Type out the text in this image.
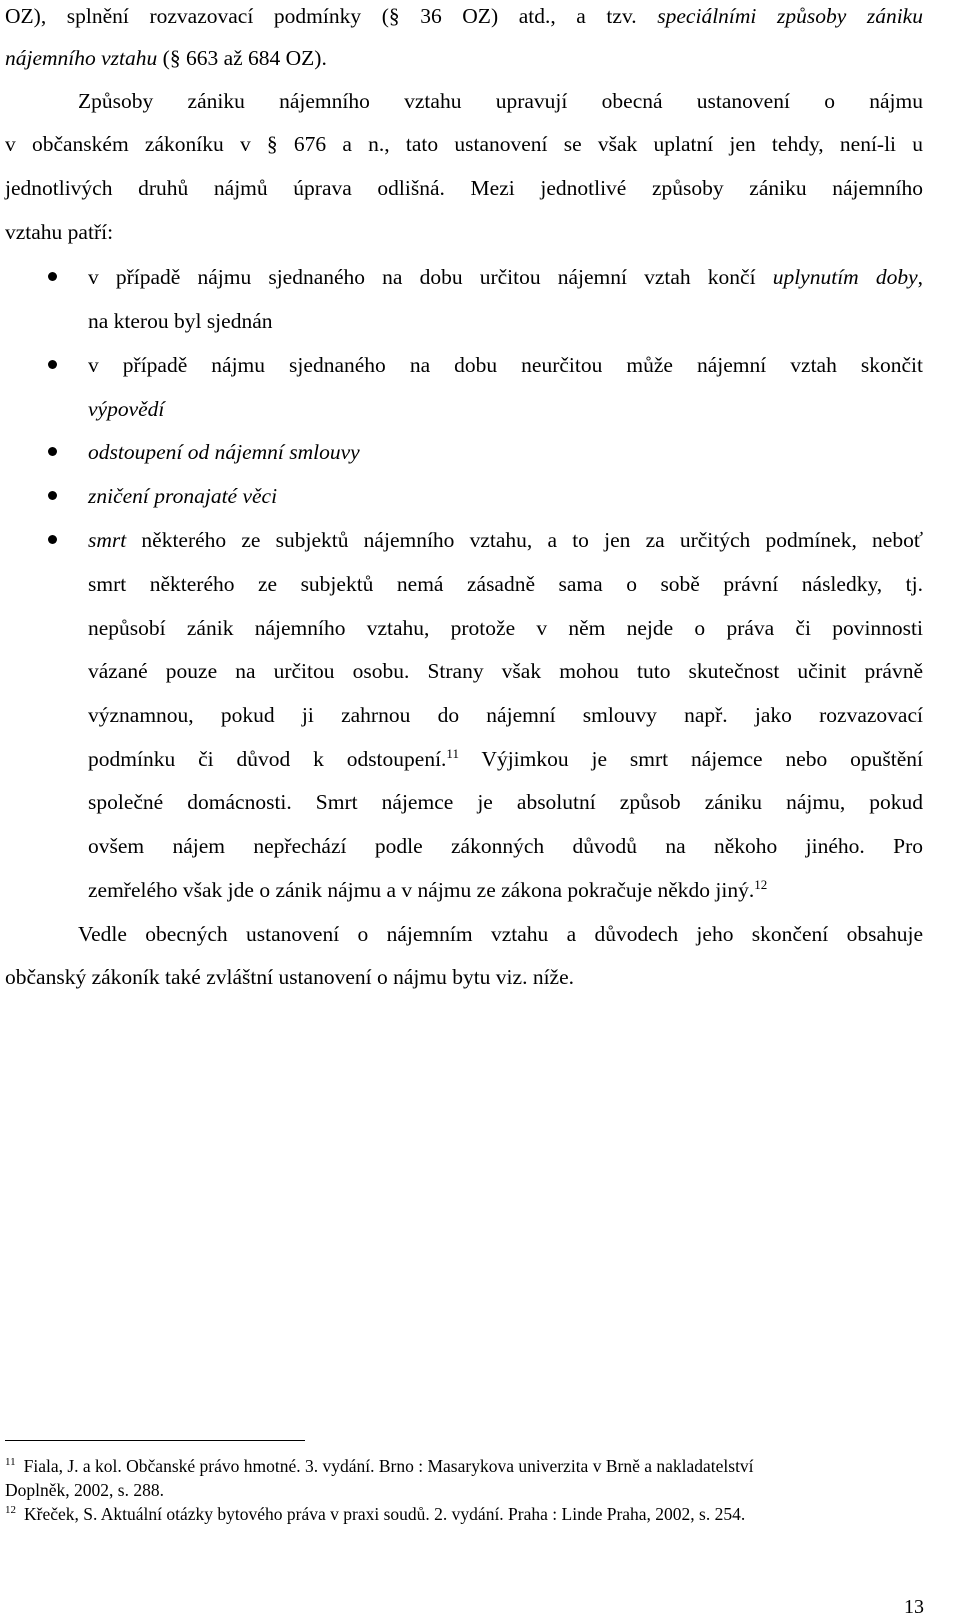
OZ), splnění rozvazovací podmínky (§ 36 OZ) atd., a tzv. speciálními způsoby zániku
nájemního vztahu (§ 663 až 684 OZ).
Způsoby zániku nájemního vztahu upravují obecná ustanovení o nájmu
v občanském zákoníku v § 676 a n., tato ustanovení se však uplatní jen tehdy, není-li u
jednotlivých druhů nájmů úprava odlišná. Mezi jednotlivé způsoby zániku nájemního
vztahu patří:
v případě nájmu sjednaného na dobu určitou nájemní vztah končí uplynutím doby,
na kterou byl sjednán
v případě nájmu sjednaného na dobu neurčitou může nájemní vztah skončit
výpovědí
odstoupení od nájemní smlouvy
zničení pronajaté věci
smrt některého ze subjektů nájemního vztahu, a to jen za určitých podmínek, neboť
smrt některého ze subjektů nemá zásadně sama o sobě právní následky, tj.
nepůsobí zánik nájemního vztahu, protože v něm nejde o práva či povinnosti
vázané pouze na určitou osobu. Strany však mohou tuto skutečnost učinit právně
významnou, pokud ji zahrnou do nájemní smlouvy např. jako rozvazovací
podmínku či důvod k odstoupení.$^{11}$ Výjimkou je smrt nájemce nebo opuštění
společné domácnosti. Smrt nájemce je absolutní způsob zániku nájmu, pokud
ovšem nájem nepřechází podle zákonných důvodů na někoho jiného. Pro
zemřelého však jde o zánik nájmu a v nájmu ze zákona pokračuje někdo jiný.$^{12}$
Vedle obecných ustanovení o nájemním vztahu a důvodech jeho skončení obsahuje
občanský zákoník také zvláštní ustanovení o nájmu bytu viz. níže.
$^{11}$ Fiala, J. a kol. Občanské právo hmotné. 3. vydání. Brno : Masarykova univerzita v Brně a nakladatelství
Doplněk, 2002, s. 288.
$^{12}$ Křeček, S. Aktuální otázky bytového práva v praxi soudů. 2. vydání. Praha : Linde Praha, 2002, s. 254.
13
